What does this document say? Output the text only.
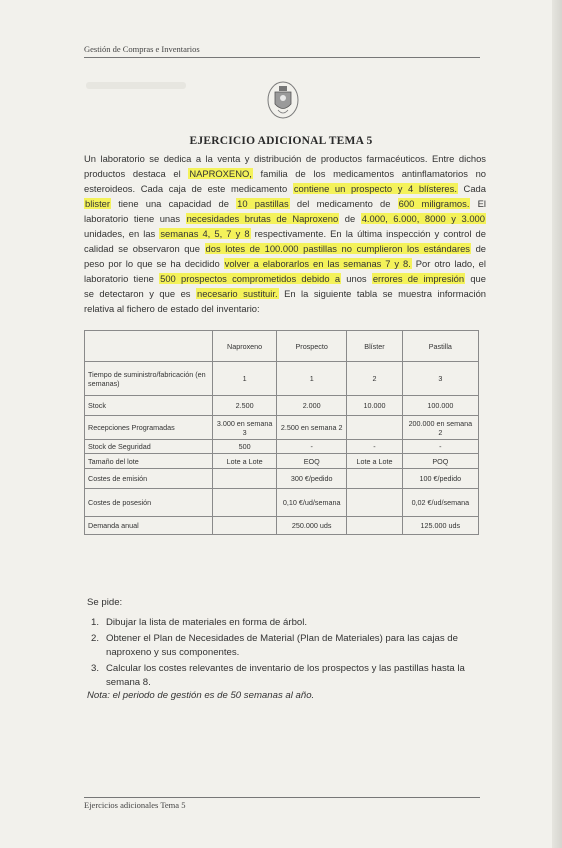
Gestión de Compras e Inventarios
EJERCICIO ADICIONAL TEMA 5
Un laboratorio se dedica a la venta y distribución de productos farmacéuticos. Entre dichos
productos destaca el NAPROXENO, familia de los medicamentos antinflamatorios no
esteroideos. Cada caja de este medicamento contiene un prospecto y 4 blísteres. Cada
blister tiene una capacidad de 10 pastillas del medicamento de 600 miligramos. El
laboratorio tiene unas necesidades brutas de Naproxeno de 4.000, 6.000, 8000 y 3.000
unidades, en las semanas 4, 5, 7 y 8 respectivamente. En la última inspección y control de
calidad se observaron que dos lotes de 100.000 pastillas no cumplieron los estándares de
peso por lo que se ha decidido volver a elaborarlos en las semanas 7 y 8. Por otro lado, el
laboratorio tiene 500 prospectos comprometidos debido a unos errores de impresión que
se detectaron y que es necesario sustituir. En la siguiente tabla se muestra información
relativa al fichero de estado del inventario:
	Naproxeno	Prospecto	Blíster	Pastilla
Tiempo de suministro/fabricación (en semanas)	1	1	2	3
Stock	2.500	2.000	10.000	100.000
Recepciones Programadas	3.000 en semana 3	2.500 en semana 2		200.000 en semana 2
Stock de Seguridad	500	-	-	-
Tamaño del lote	Lote a Lote	EOQ	Lote a Lote	POQ
Costes de emisión		300 €/pedido		100 €/pedido
Costes de posesión		0,10 €/ud/semana		0,02 €/ud/semana
Demanda anual		250.000 uds		125.000 uds
Se pide:
1. Dibujar la lista de materiales en forma de árbol.
2. Obtener el Plan de Necesidades de Material (Plan de Materiales) para las cajas de naproxeno y sus componentes.
3. Calcular los costes relevantes de inventario de los prospectos y las pastillas hasta la semana 8.
Nota: el periodo de gestión es de 50 semanas al año.
Ejercicios adicionales Tema 5
